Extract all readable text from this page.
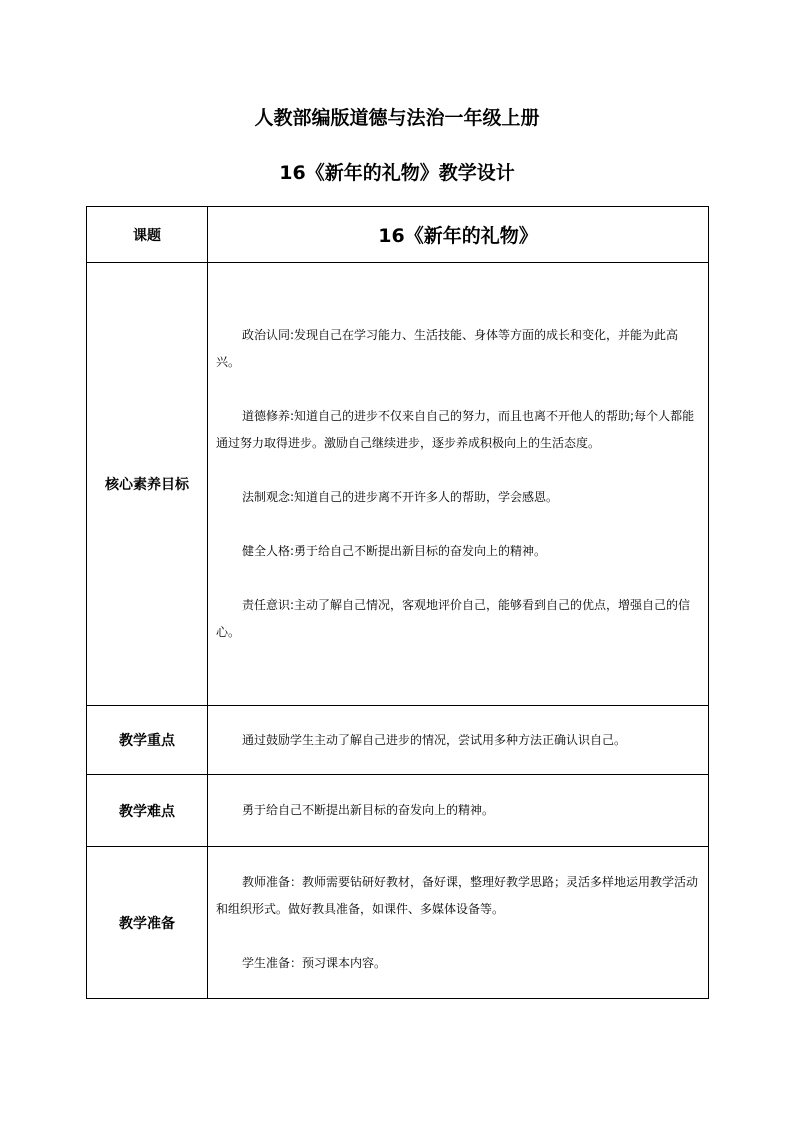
人教部编版道德与法治一年级上册
16《新年的礼物》教学设计
课题	16《新年的礼物》
核心素养目标	政治认同:发现自己在学习能力、生活技能、身体等方面的成长和变化，并能为此高兴。

道德修养:知道自己的进步不仅来自自己的努力，而且也离不开他人的帮助;每个人都能通过努力取得进步。激励自己继续进步，逐步养成积极向上的生活态度。

法制观念:知道自己的进步离不开许多人的帮助，学会感恩。

健全人格:勇于给自己不断提出新目标的奋发向上的精神。

责任意识:主动了解自己情况，客观地评价自己，能够看到自己的优点，增强自己的信心。

教学重点	通过鼓励学生主动了解自己进步的情况，尝试用多种方法正确认识自己。

教学难点	勇于给自己不断提出新目标的奋发向上的精神。

教学准备	教师准备：教师需要钻研好教材，备好课，整理好教学思路；灵活多样地运用教学活动和组织形式。做好教具准备，如课件、多媒体设备等。

学生准备：预习课本内容。
